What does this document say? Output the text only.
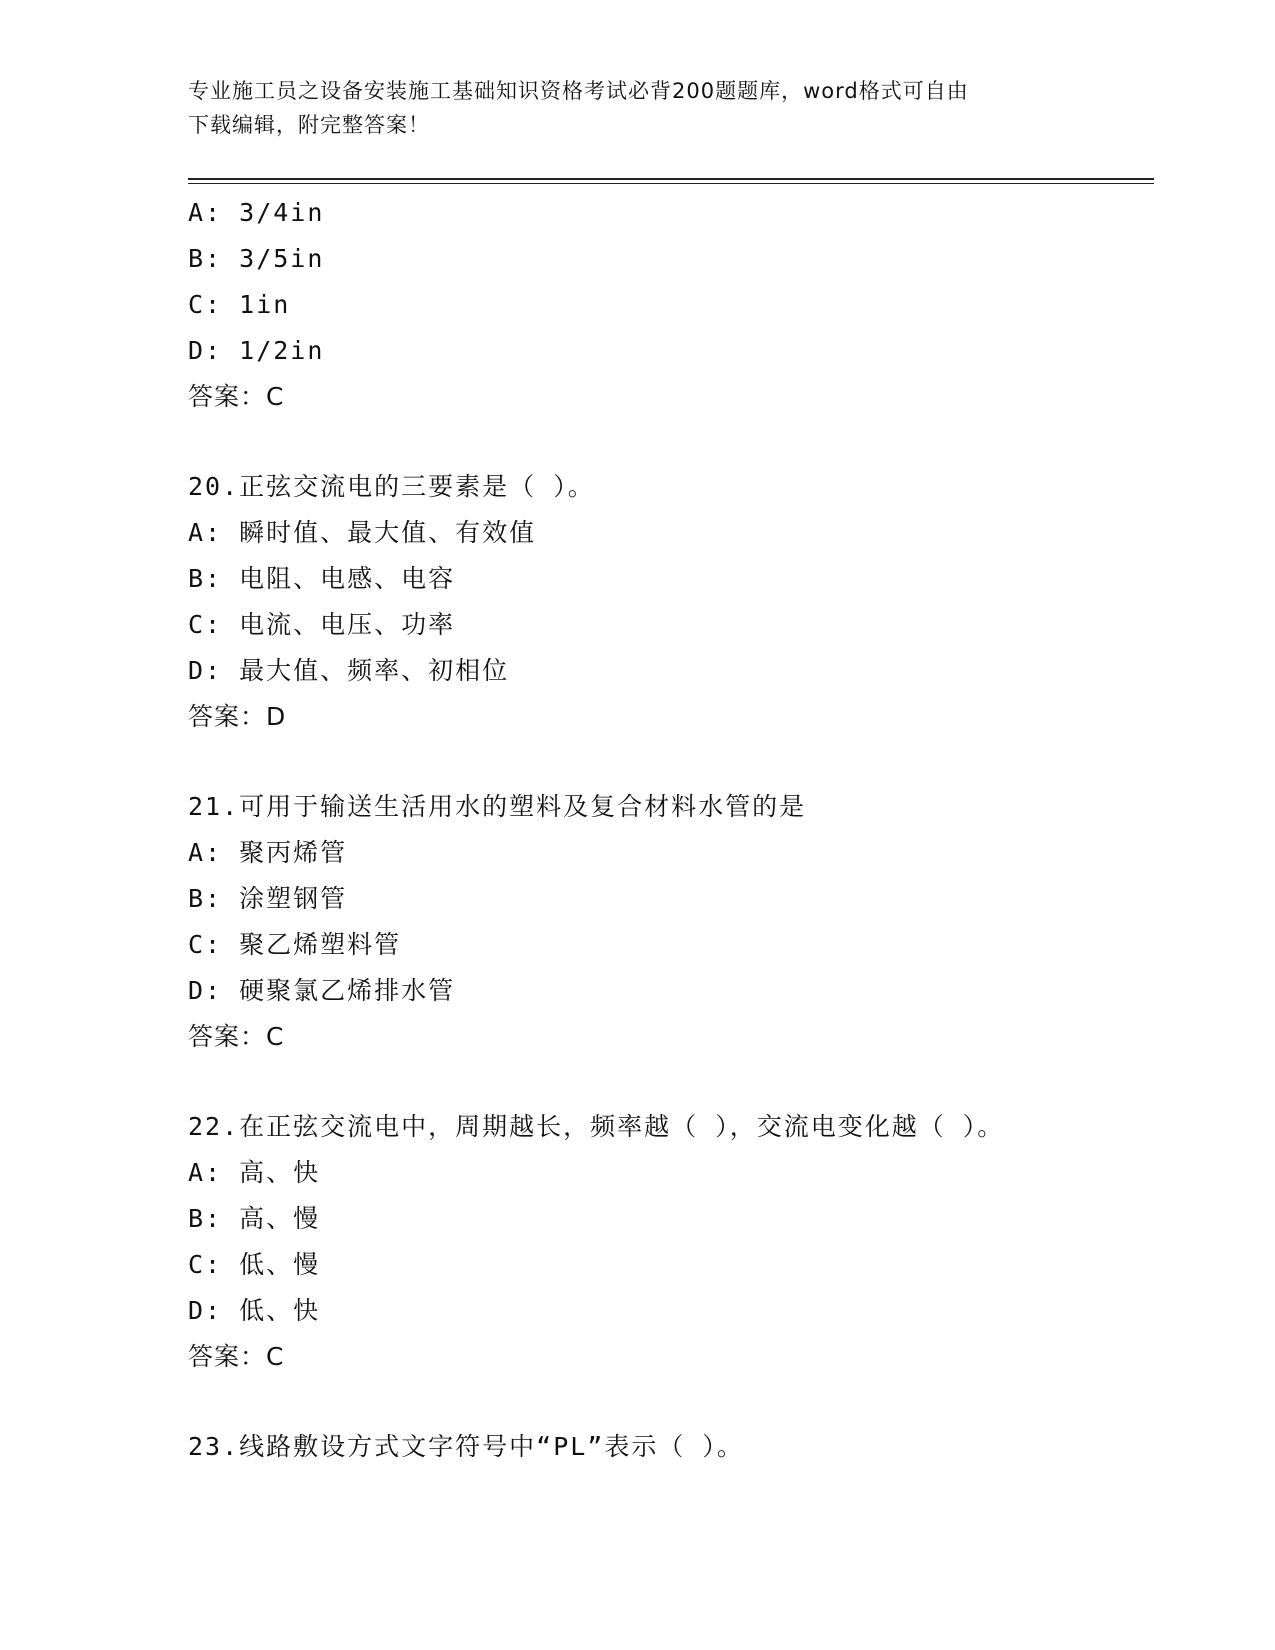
专业施工员之设备安装施工基础知识资格考试必背200题题库，word格式可自由
下载编辑，附完整答案！
A: 3/4in
B: 3/5in
C: 1in
D: 1/2in
答案：C
20.正弦交流电的三要素是（ ）。
A: 瞬时值、最大值、有效值
B: 电阻、电感、电容
C: 电流、电压、功率
D: 最大值、频率、初相位
答案：D
21.可用于输送生活用水的塑料及复合材料水管的是
A: 聚丙烯管
B: 涂塑钢管
C: 聚乙烯塑料管
D: 硬聚氯乙烯排水管
答案：C
22.在正弦交流电中，周期越长，频率越（ ），交流电变化越（ ）。
A: 高、快
B: 高、慢
C: 低、慢
D: 低、快
答案：C
23.线路敷设方式文字符号中“PL”表示（ ）。
